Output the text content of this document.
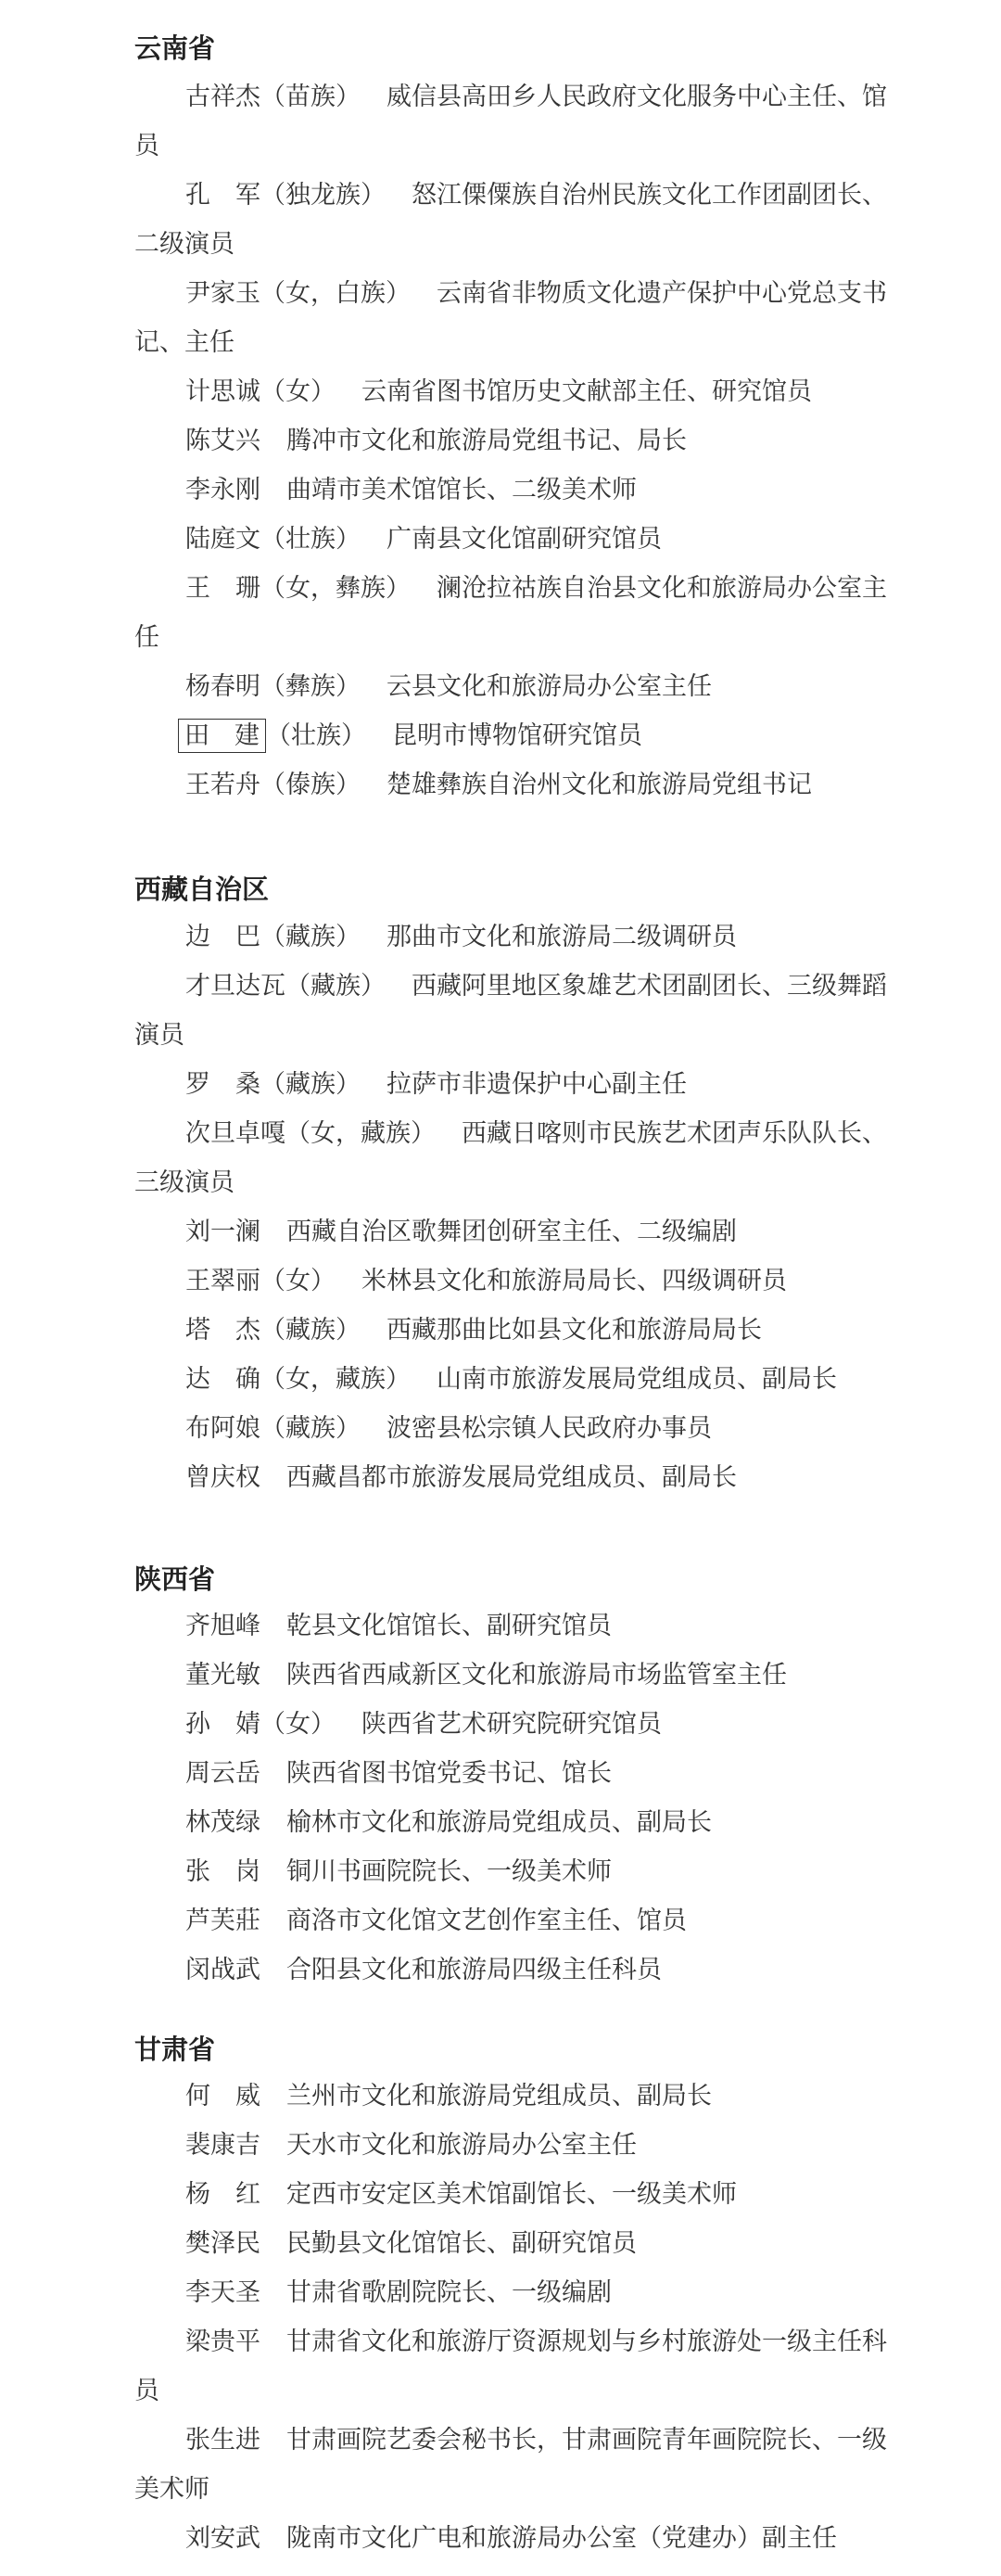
云南省

古祥杰（苗族） 威信县高田乡人民政府文化服务中心主任、馆员

孔　军（独龙族） 怒江傈僳族自治州民族文化工作团副团长、二级演员

尹家玉（女，白族） 云南省非物质文化遗产保护中心党总支书记、主任

计思诚（女） 云南省图书馆历史文献部主任、研究馆员

陈艾兴 腾冲市文化和旅游局党组书记、局长

李永刚 曲靖市美术馆馆长、二级美术师

陆庭文（壮族） 广南县文化馆副研究馆员

王　珊（女，彝族） 澜沧拉祜族自治县文化和旅游局办公室主任

杨春明（彝族） 云县文化和旅游局办公室主任

田　建 （壮族） 昆明市博物馆研究馆员

王若舟（傣族） 楚雄彝族自治州文化和旅游局党组书记

西藏自治区

边　巴（藏族） 那曲市文化和旅游局二级调研员

才旦达瓦（藏族） 西藏阿里地区象雄艺术团副团长、三级舞蹈演员

罗　桑（藏族） 拉萨市非遗保护中心副主任

次旦卓嘎（女，藏族） 西藏日喀则市民族艺术团声乐队队长、三级演员

刘一澜 西藏自治区歌舞团创研室主任、二级编剧

王翠丽（女） 米林县文化和旅游局局长、四级调研员

塔　杰（藏族） 西藏那曲比如县文化和旅游局局长

达　确（女，藏族） 山南市旅游发展局党组成员、副局长

布阿娘（藏族） 波密县松宗镇人民政府办事员

曾庆权 西藏昌都市旅游发展局党组成员、副局长

陕西省

齐旭峰 乾县文化馆馆长、副研究馆员

董光敏 陕西省西咸新区文化和旅游局市场监管室主任

孙　婧（女） 陕西省艺术研究院研究馆员

周云岳 陕西省图书馆党委书记、馆长

林茂绿 榆林市文化和旅游局党组成员、副局长

张　岗 铜川书画院院长、一级美术师

芦芙莊 商洛市文化馆文艺创作室主任、馆员

闵战武 合阳县文化和旅游局四级主任科员

甘肃省

何　威 兰州市文化和旅游局党组成员、副局长

裴康吉 天水市文化和旅游局办公室主任

杨　红 定西市安定区美术馆副馆长、一级美术师

樊泽民 民勤县文化馆馆长、副研究馆员

李天圣 甘肃省歌剧院院长、一级编剧

梁贵平 甘肃省文化和旅游厅资源规划与乡村旅游处一级主任科员

张生进 甘肃画院艺委会秘书长，甘肃画院青年画院院长、一级美术师

刘安武 陇南市文化广电和旅游局办公室（党建办）副主任
